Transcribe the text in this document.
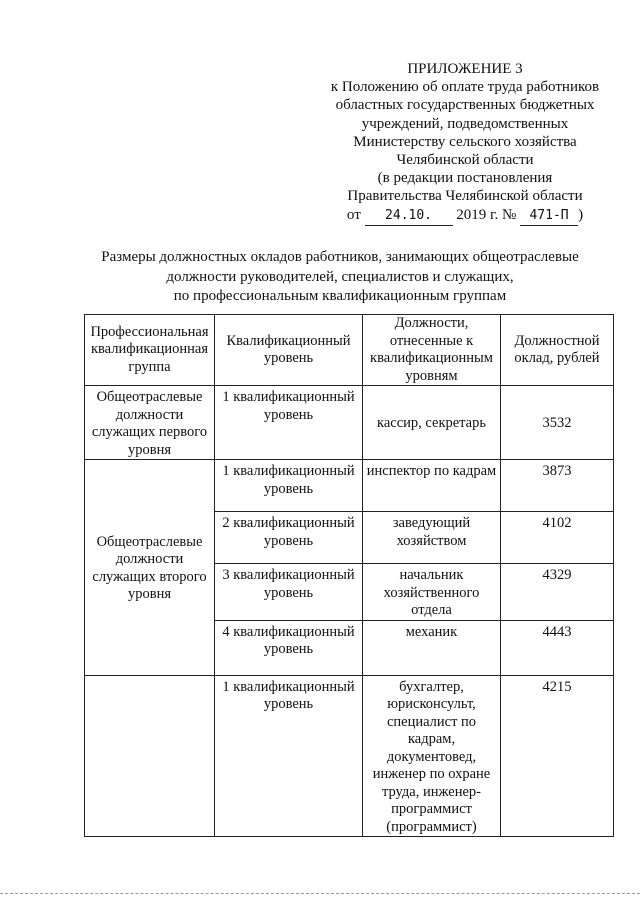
ПРИЛОЖЕНИЕ 3
к Положению об оплате труда работников
областных государственных бюджетных
учреждений, подведомственных
Министерству сельского хозяйства
Челябинской области
(в редакции постановления
Правительства Челябинской области
от 24.10. 2019 г. № 471-П )
Размеры должностных окладов работников, занимающих общеотраслевые
должности руководителей, специалистов и служащих,
по профессиональным квалификационным группам
Профессиональная квалификационная группа	Квалификационный уровень	Должности, отнесенные к квалификационным уровням	Должностной оклад, рублей
Общеотраслевые должности служащих первого уровня	1 квалификационный уровень	кассир, секретарь	3532
Общеотраслевые должности служащих второго уровня	1 квалификационный уровень	инспектор по кадрам	3873
	2 квалификационный уровень	заведующий хозяйством	4102
	3 квалификационный уровень	начальник хозяйственного отдела	4329
	4 квалификационный уровень	механик	4443
	1 квалификационный уровень	бухгалтер, юрисконсульт, специалист по кадрам, документовед, инженер по охране труда, инженер-программист (программист)	4215
